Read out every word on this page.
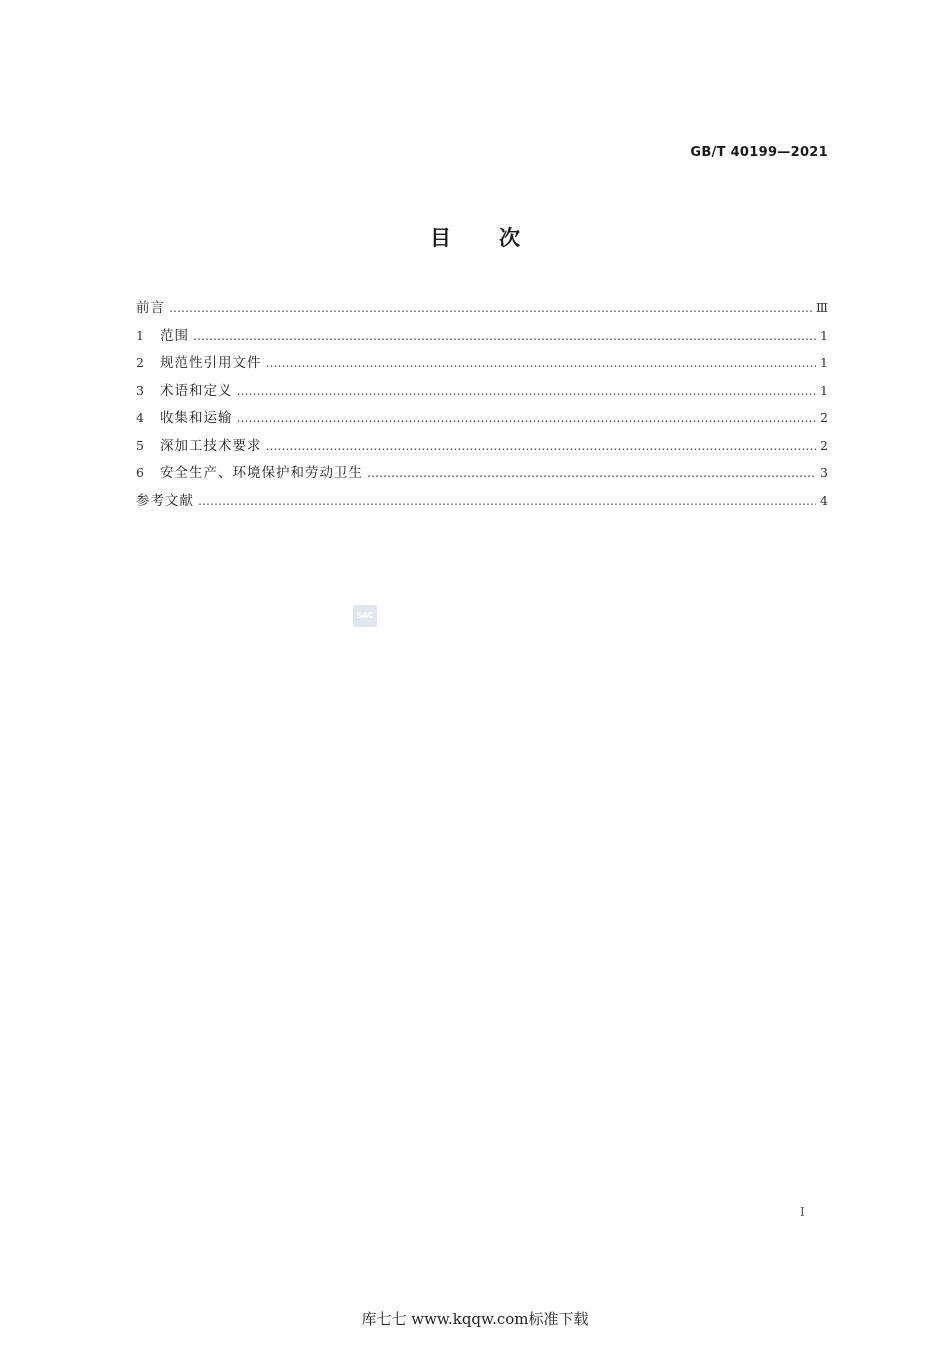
GB/T 40199—2021
目次
前言 ………………………………………………………………………………………………………………………………………………………………………………	Ⅲ
1	范围 ………………………………………………………………………………………………………………………………………………………………………………	1
2	规范性引用文件 ………………………………………………………………………………………………………………………………………………………………………………	1
3	术语和定义 ………………………………………………………………………………………………………………………………………………………………………………	1
4	收集和运输 ………………………………………………………………………………………………………………………………………………………………………………	2
5	深加工技术要求 ………………………………………………………………………………………………………………………………………………………………………………	2
6	安全生产、环境保护和劳动卫生 ………………………………………………………………………………………………………………………………………………………………………………	3
参考文献 ………………………………………………………………………………………………………………………………………………………………………………	4
SAC
I
库七七 www.kqqw.com标准下载
